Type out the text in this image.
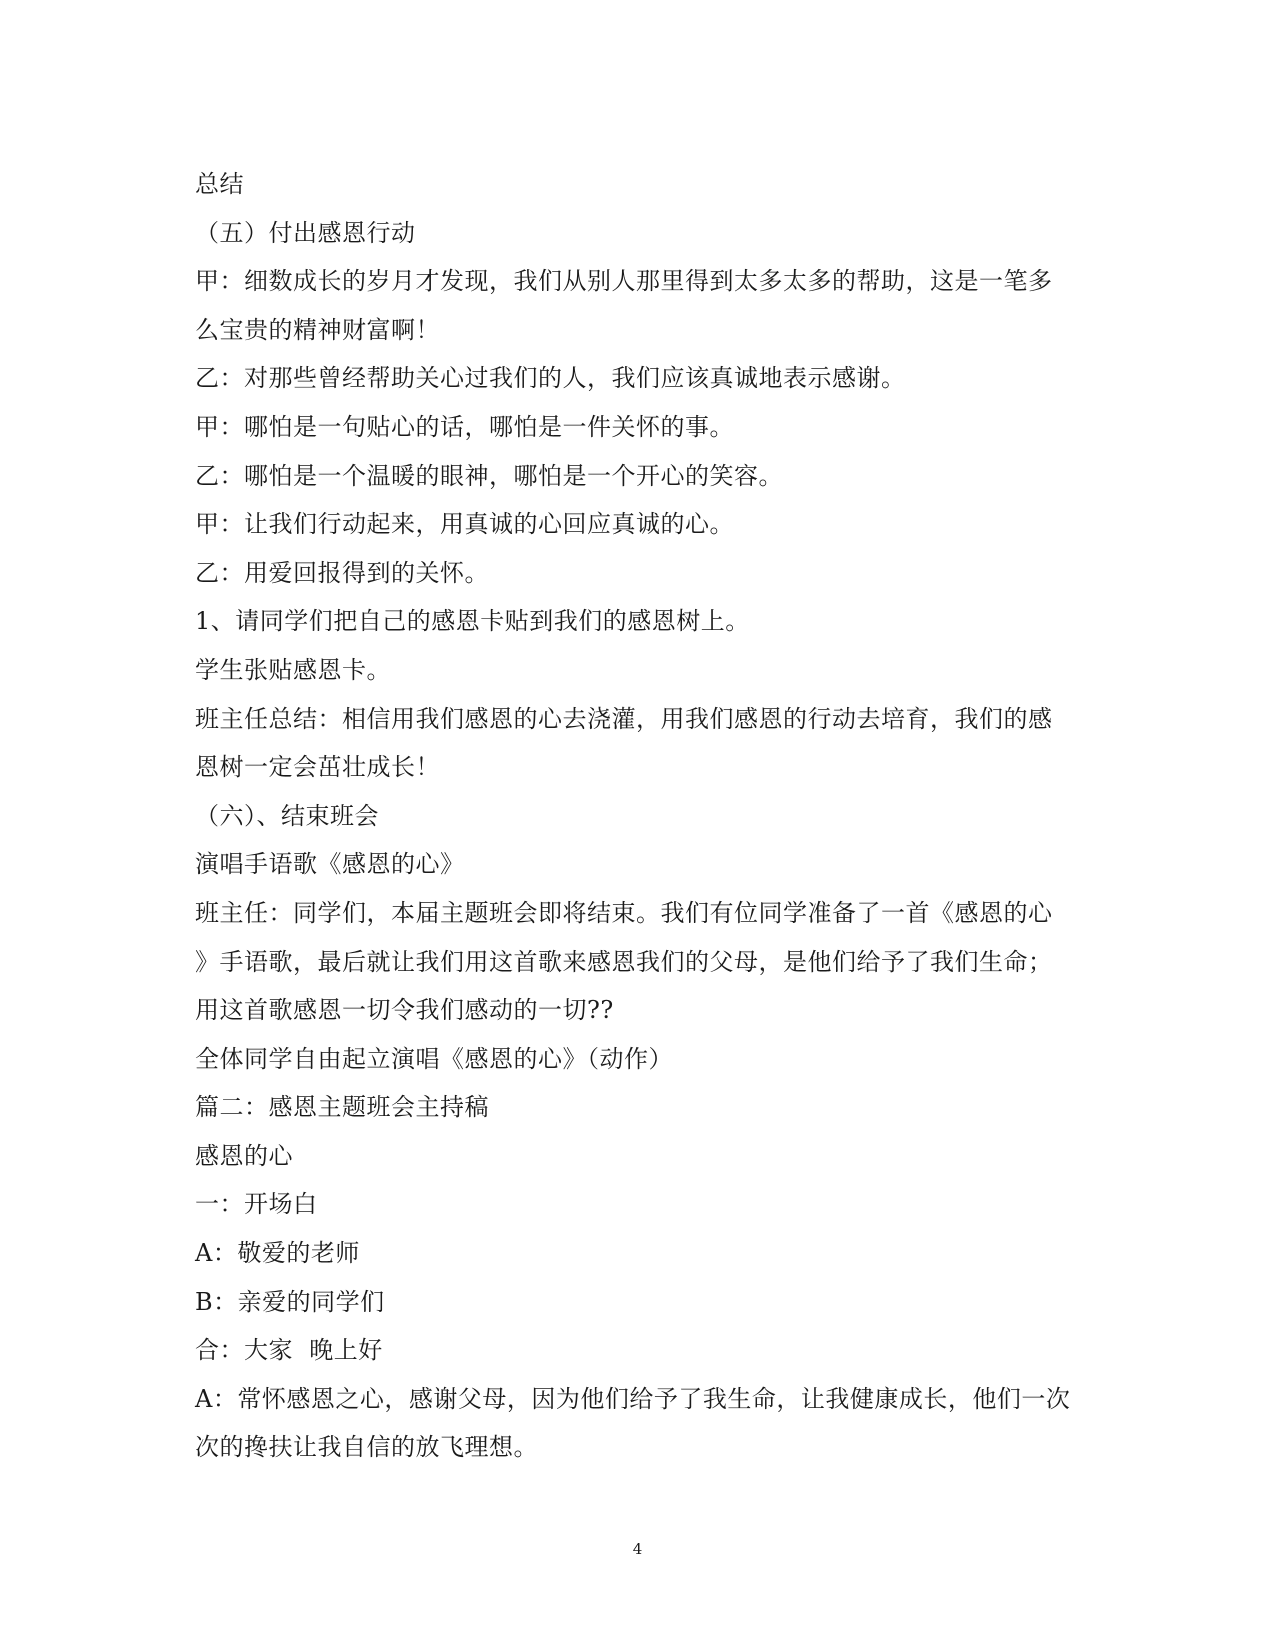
总结
（五）付出感恩行动
甲：细数成长的岁月才发现，我们从别人那里得到太多太多的帮助，这是一笔多
么宝贵的精神财富啊！
乙：对那些曾经帮助关心过我们的人，我们应该真诚地表示感谢。
甲：哪怕是一句贴心的话，哪怕是一件关怀的事。
乙：哪怕是一个温暖的眼神，哪怕是一个开心的笑容。
甲：让我们行动起来，用真诚的心回应真诚的心。
乙：用爱回报得到的关怀。
1、请同学们把自己的感恩卡贴到我们的感恩树上。
学生张贴感恩卡。
班主任总结：相信用我们感恩的心去浇灌，用我们感恩的行动去培育，我们的感
恩树一定会茁壮成长！
（六）、结束班会
演唱手语歌《感恩的心》
班主任：同学们，本届主题班会即将结束。我们有位同学准备了一首《感恩的心
》手语歌，最后就让我们用这首歌来感恩我们的父母，是他们给予了我们生命；
用这首歌感恩一切令我们感动的一切??
全体同学自由起立演唱《感恩的心》（动作）
篇二：感恩主题班会主持稿
感恩的心
一：开场白
A：敬爱的老师
B：亲爱的同学们
合：大家  晚上好
A：常怀感恩之心，感谢父母，因为他们给予了我生命，让我健康成长，他们一次
次的搀扶让我自信的放飞理想。
4
